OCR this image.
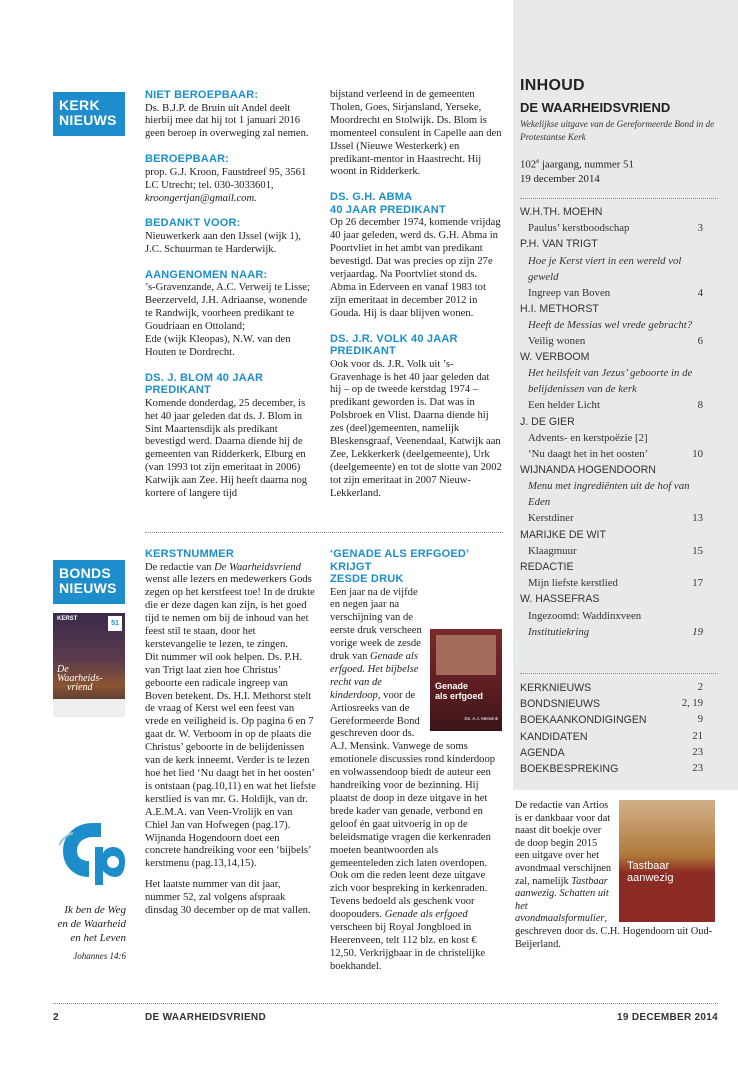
KERK
NIEUWS
BONDS
NIEUWS
KERST
51
De
Waarheids-
vriend
Ik ben de Weg
en de Waarheid
en het Leven
Johannes 14:6
NIET BEROEPBAAR:

Ds. B.J.P. de Bruin uit Andel deelt hierbij mee dat hij tot 1 januari 2016 geen beroep in overweging zal nemen.

BEROEPBAAR:

prop. G.J. Kroon, Faustdreef 95, 3561 LC Utrecht; tel. 030-3033601,

kroongertjan@gmail.com.

BEDANKT VOOR:

Nieuwerkerk aan den IJssel (wijk 1), J.C. Schuurman te Harderwijk.

AANGENOMEN NAAR:

’s-Gravenzande, A.C. Verweij te Lisse;

Beerzerveld, J.H. Adriaanse, wonende te Randwijk, voorheen predikant te Goudriaan en Ottoland;

Ede (wijk Kleopas), N.W. van den Houten te Dordrecht.

DS. J. BLOM 40 JAAR PREDIKANT

Komende donderdag, 25 december, is het 40 jaar geleden dat ds. J. Blom in Sint Maartensdijk als predikant bevestigd werd. Daarna diende hij de gemeenten van Ridderkerk, Elburg en (van 1993 tot zijn emeritaat in 2006) Katwijk aan Zee. Hij heeft daarna nog kortere of langere tijd

bijstand verleend in de gemeenten Tholen, Goes, Sirjansland, Yerseke, Moordrecht en Stolwijk. Ds. Blom is momenteel consulent in Capelle aan den IJssel (Nieuwe Westerkerk) en predikant-mentor in Haastrecht. Hij woont in Ridderkerk.

DS. G.H. ABMA
40 JAAR PREDIKANT

Op 26 december 1974, komende vrijdag 40 jaar geleden, werd ds. G.H. Abma in Poortvliet in het ambt van predikant bevestigd. Dat was precies op zijn 27e verjaardag. Na Poortvliet stond ds. Abma in Ederveen en vanaf 1983 tot zijn emeritaat in december 2012 in Gouda. Hij is daar blijven wonen.

DS. J.R. VOLK 40 JAAR PREDIKANT

Ook voor ds. J.R. Volk uit ’s-Gravenhage is het 40 jaar geleden dat hij – op de tweede kerstdag 1974 – predikant geworden is. Dat was in Polsbroek en Vlist. Daarna diende hij zes (deel)gemeenten, namelijk Bleskensgraaf, Veenendaal, Katwijk aan Zee, Lekkerkerk (deelgemeente), Urk (deelgemeente) en tot de slotte van 2002 tot zijn emeritaat in 2007 Nieuw-Lekkerland.

KERSTNUMMER

De redactie van De Waarheidsvriend wenst alle lezers en medewerkers Gods zegen op het kerstfeest toe! In de drukte die er deze dagen kan zijn, is het goed tijd te nemen om bij de inhoud van het feest stil te staan, door het kerstevangelie te lezen, te zingen.

Dit nummer wil ook helpen. Ds. P.H. van Trigt laat zien hoe Christus’ geboorte een radicale ingreep van Boven betekent. Ds. H.I. Methorst stelt de vraag of Kerst wel een feest van vrede en veiligheid is. Op pagina 6 en 7 gaat dr. W. Verboom in op de plaats die Christus’ geboorte in de belijdenissen van de kerk inneemt. Verder is te lezen hoe het lied ‘Nu daagt het in het oosten’ is ontstaan (pag.10,11) en wat het liefste kerstlied is van mr. G. Holdijk, van dr. A.E.M.A. van Veen-Vrolijk en van Chiel Jan van Hofwegen (pag.17). Wijnanda Hogendoorn doet een concrete handreiking voor een ‘bijbels’ kerstmenu (pag.13,14,15).

Het laatste nummer van dit jaar, nummer 52, zal volgens afspraak dinsdag 30 december op de mat vallen.

‘GENADE ALS ERFGOED’ KRIJGT
ZESDE DRUK
Genade
als erfgoed
Ds. A.J. Mensink

Een jaar na de vijfde en negen jaar na verschijning van de eerste druk verscheen vorige week de zesde druk van Genade als erfgoed. Het bijbelse recht van de kinderdoop, voor de Artiosreeks van de Gereformeerde Bond geschreven door ds. A.J. Mensink. Vanwege de soms emotionele discussies rond kinderdoop en volwassendoop biedt de auteur een handreiking voor de bezinning. Hij plaatst de doop in deze uitgave in het brede kader van genade, verbond en geloof én gaat uitvoerig in op de beleidsmatige vragen die kerkenraden moeten beantwoorden als gemeenteleden zich laten overdopen. Ook om die reden leent deze uitgave zich voor bespreking in kerkenraden. Tevens bedoeld als geschenk voor doopouders. Genade als erfgoed verscheen bij Royal Jongbloed in Heerenveen, telt 112 blz. en kost € 12,50. Verkrijgbaar in de christelijke boekhandel.

INHOUD
DE WAARHEIDSVRIEND
Wekelijkse uitgave van de Gereformeerde Bond in de Protestantse Kerk
102e jaargang, nummer 51
19 december 2014
W.H.TH. MOEHN
Paulus’ kerstboodschap	3
P.H. VAN TRIGT
Hoe je Kerst viert in een wereld vol geweld
Ingreep van Boven	4
H.I. METHORST
Heeft de Messias wel vrede gebracht?
Veilig wonen	6
W. VERBOOM
Het heilsfeit van Jezus’ geboorte in de belijdenissen van de kerk
Een helder Licht	8
J. DE GIER
Advents- en kerstpoëzie [2]
‘Nu daagt het in het oosten’	10
WIJNANDA HOGENDOORN
Menu met ingrediënten uit de hof van Eden
Kerstdiner	13
MARIJKE DE WIT
Klaagmuur	15
REDACTIE
Mijn liefste kerstlied	17
W. HASSEFRAS
Ingezoomd: Waddinxveen
Institutiekring	19
KERKNIEUWS	2
BONDSNIEUWS	2, 19
BOEKAANKONDIGINGEN	9
KANDIDATEN	21
AGENDA	23
BOEKBESPREKING	23
Tastbaar
aanwezig

De redactie van Artios is er dankbaar voor dat naast dit boekje over de doop begin 2015 een uitgave over het avondmaal verschijnen zal, namelijk Tastbaar aanwezig. Schatten uit het avondmaalsformulier, geschreven door ds. C.H. Hogendoorn uit Oud-Beijerland.

2	DE WAARHEIDSVRIEND	19 DECEMBER 2014
